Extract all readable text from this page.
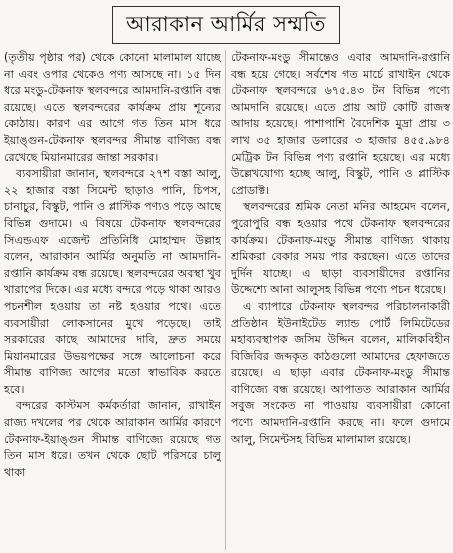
আরাকান আর্মির সম্মতি

(তৃতীয় পৃষ্ঠার পর) থেকে কোনো মালামাল যাচ্ছে না এবং ওপার থেকেও পণ্য আসছে না। ১৫ দিন ধরে মংডু-টেকনাফ স্থলবন্দরে আমদানি-রপ্তানি বন্ধ রয়েছে। এতে স্থলবন্দরের কার্যক্রম প্রায় শূন্যের কোঠায়। কারণ এর আগে গত তিন মাস ধরে ইয়াঙ্গুন-টেকনাফ স্থলবন্দর সীমান্ত বাণিজ্য বন্ধ রেখেছে মিয়ানমারের জান্তা সরকার।

ব্যবসায়ীরা জানান, স্থলবন্দরে ২৭শ বস্তা আলু, ২২ হাজার বস্তা সিমেন্ট ছাড়াও পানি, চিপস, চানাচুর, বিস্কুট, পানি ও প্লাস্টিক পণ্যও পড়ে আছে বিভিন্ন গুদামে। এ বিষয়ে টেকনাফ স্থলবন্দরের সিএন্ডএফ এজেন্ট প্রতিনিধি মোহাম্মদ উল্লাহ বলেন, আরাকান আর্মির অনুমতি না আমদানি-রপ্তানি কার্যক্রম বন্ধ রয়েছে। স্থলবন্দরের অবস্থা খুব খারাপের দিকে। এর মধ্যে বন্দরে পড়ে থাকা আরও পচনশীল হওয়ায় তা নষ্ট হওয়ার পথে। এতে ব্যবসায়ীরা লোকসানের মুখে পড়েছে। তাই সরকারের কাছে আমাদের দাবি, দ্রুত সময়ে মিয়ানমারের উভয়পক্ষের সঙ্গে আলোচনা করে সীমান্ত বাণিজ্য আগের মতো স্বাভাবিক করতে হবে।

বন্দরের কাস্টমস কর্মকর্তারা জানান, রাখাইন রাজ্য দখলের পর থেকে আরাকান আর্মির কারণে টেকনাফ-ইয়াঙ্গুন সীমান্ত বাণিজ্যে রয়েছে গত তিন মাস ধরে। তখন থেকে ছোট পরিসরে চালু থাকা

টেকনাফ-মংডু সীমান্তেও এবার আমদানি-রপ্তানি বন্ধ হয়ে গেছে। সর্বশেষ গত মার্চে রাখাইন থেকে টেকনাফ স্থলবন্দরে ৬৭৫.৪৩ টন বিভিন্ন পণ্যে আমদানি রয়েছে। এতে প্রায় আট কোটি রাজস্ব আদায় হয়েছে। পাশাপাশি বৈদেশিক মুদ্রা প্রায় ৩ লাখ ৩৫ হাজার ডলারের ৩ হাজার ৪৫৫.৯৮৪ মেট্রিক টন বিভিন্ন পণ্য রপ্তানি হয়েছে। এর মধ্যে উল্লেখযোগ্য হচ্ছে আলু, বিস্কুট, পানি ও প্লাস্টিক প্রোডাক্ট।

স্থলবন্দরের শ্রমিক নেতা মনির আহমেদ বলেন, পুরোপুরি বন্ধ হওয়ার পথে টেকনাফ স্থলবন্দরের কার্যক্রম। টেকনাফ-মংডু সীমান্ত বাণিজ্য থাকায় শ্রমিকরা বেকার সময় পার করছেন। এতে তাদের দুর্দিন যাচ্ছে। এ ছাড়া ব্যবসায়ীদের রপ্তানির উদ্দেশ্যে আনা আলুসহ বিভিন্ন পণ্যে পচন ধরেছে।

এ ব্যাপারে টেকনাফ স্থলবন্দর পরিচালনাকারী প্রতিষ্ঠান ইউনাইটেড ল্যান্ড পোর্ট লিমিটেডের মহাব্যবস্থাপক জসিম উদ্দিন বলেন, মালিকবিহীন বিজিবির জব্দকৃত কাঠগুলো আমাদের হেফাজতে রয়েছে। এ ছাড়া এবার টেকনাফ-মংডু সীমান্ত বাণিজ্যে বন্ধ রয়েছে। আপাতত আরাকান আর্মির সবুজ সংকেত না পাওয়ায় ব্যবসায়ীরা কোনো পণ্যে আমদানি-রপ্তানি করছে না। ফলে গুদামে আলু, সিমেন্টসহ বিভিন্ন মালামাল রয়েছে।
